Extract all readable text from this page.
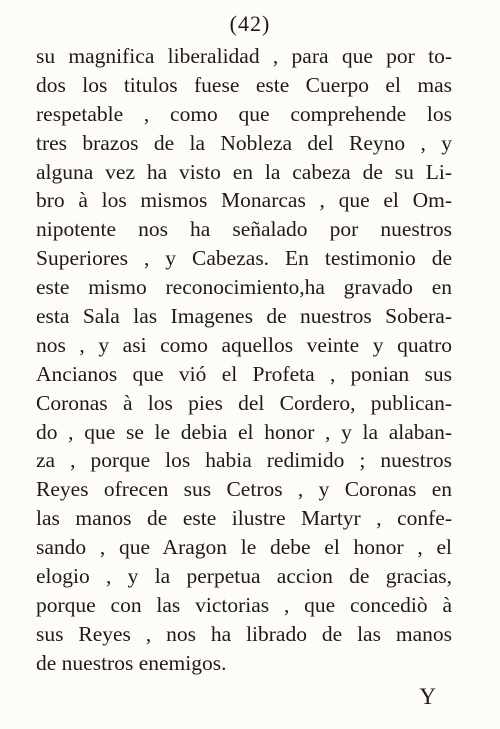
(42)
su magnifica liberalidad , para que por to-
dos los titulos fuese este Cuerpo el mas
respetable , como que comprehende los
tres brazos de la Nobleza del Reyno , y
alguna vez ha visto en la cabeza de su Li-
bro à los mismos Monarcas , que el Om-
nipotente nos ha señalado por nuestros
Superiores , y Cabezas. En testimonio de
este mismo reconocimiento,ha gravado en
esta Sala las Imagenes de nuestros Sobera-
nos , y asi como aquellos veinte y quatro
Ancianos que vió el Profeta , ponian sus
Coronas à los pies del Cordero, publican-
do , que se le debia el honor , y la alaban-
za , porque los habia redimido ; nuestros
Reyes ofrecen sus Cetros , y Coronas en
las manos de este ilustre Martyr , confe-
sando , que Aragon le debe el honor , el
elogio , y la perpetua accion de gracias,
porque con las victorias , que concediò à
sus Reyes , nos ha librado de las manos
de nuestros enemigos.
Y
